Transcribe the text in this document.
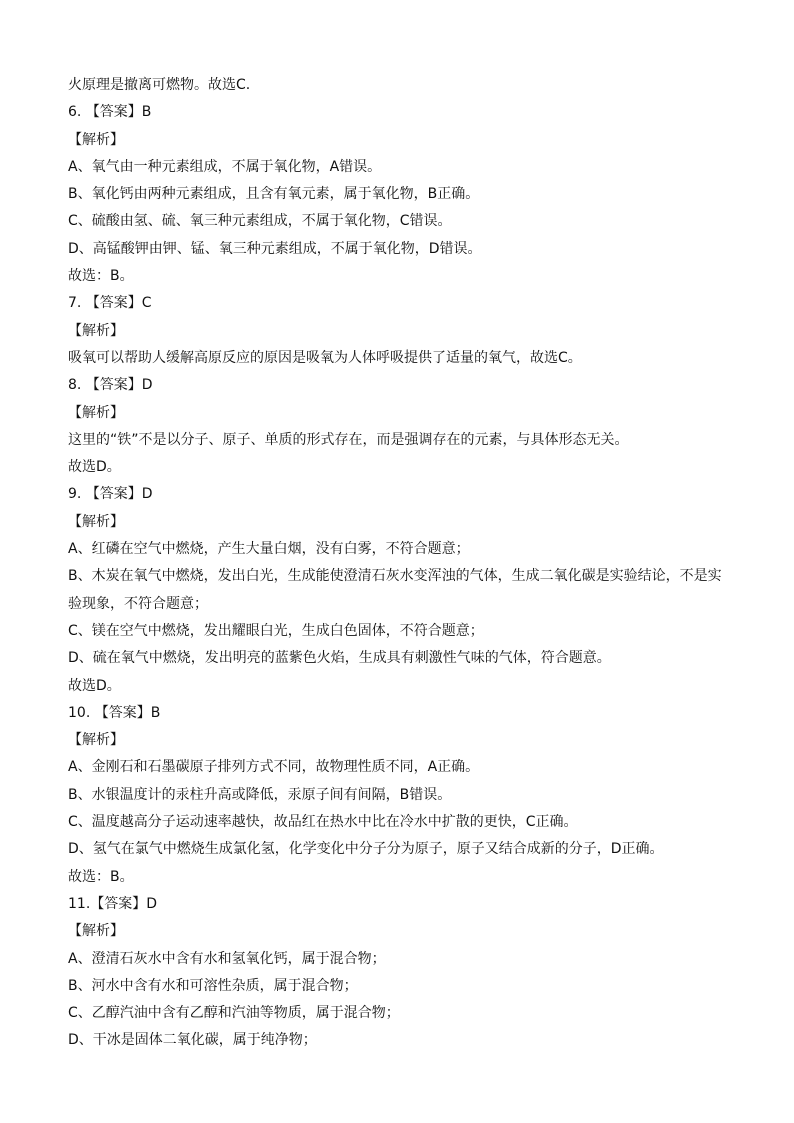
火原理是撤离可燃物。故选C.
6. 【答案】B
【解析】
A、氧气由一种元素组成，不属于氧化物，A错误。
B、氧化钙由两种元素组成，且含有氧元素，属于氧化物，B正确。
C、硫酸由氢、硫、氧三种元素组成，不属于氧化物，C错误。
D、高锰酸钾由钾、锰、氧三种元素组成，不属于氧化物，D错误。
故选：B。
7. 【答案】C
【解析】
吸氧可以帮助人缓解高原反应的原因是吸氧为人体呼吸提供了适量的氧气，故选C。
8. 【答案】D
【解析】
这里的“铁”不是以分子、原子、单质的形式存在，而是强调存在的元素，与具体形态无关。
故选D。
9. 【答案】D
【解析】
A、红磷在空气中燃烧，产生大量白烟，没有白雾，不符合题意；
B、木炭在氧气中燃烧，发出白光，生成能使澄清石灰水变浑浊的气体，生成二氧化碳是实验结论，不是实
验现象，不符合题意；
C、镁在空气中燃烧，发出耀眼白光，生成白色固体，不符合题意；
D、硫在氧气中燃烧，发出明亮的蓝紫色火焰，生成具有刺激性气味的气体，符合题意。
故选D。
10. 【答案】B
【解析】
A、金刚石和石墨碳原子排列方式不同，故物理性质不同，A正确。
B、水银温度计的汞柱升高或降低，汞原子间有间隔，B错误。
C、温度越高分子运动速率越快，故品红在热水中比在冷水中扩散的更快，C正确。
D、氢气在氯气中燃烧生成氯化氢，化学变化中分子分为原子，原子又结合成新的分子，D正确。
故选：B。
11.【答案】D
【解析】
A、澄清石灰水中含有水和氢氧化钙，属于混合物；
B、河水中含有水和可溶性杂质，属于混合物；
C、乙醇汽油中含有乙醇和汽油等物质，属于混合物；
D、干冰是固体二氧化碳，属于纯净物；
